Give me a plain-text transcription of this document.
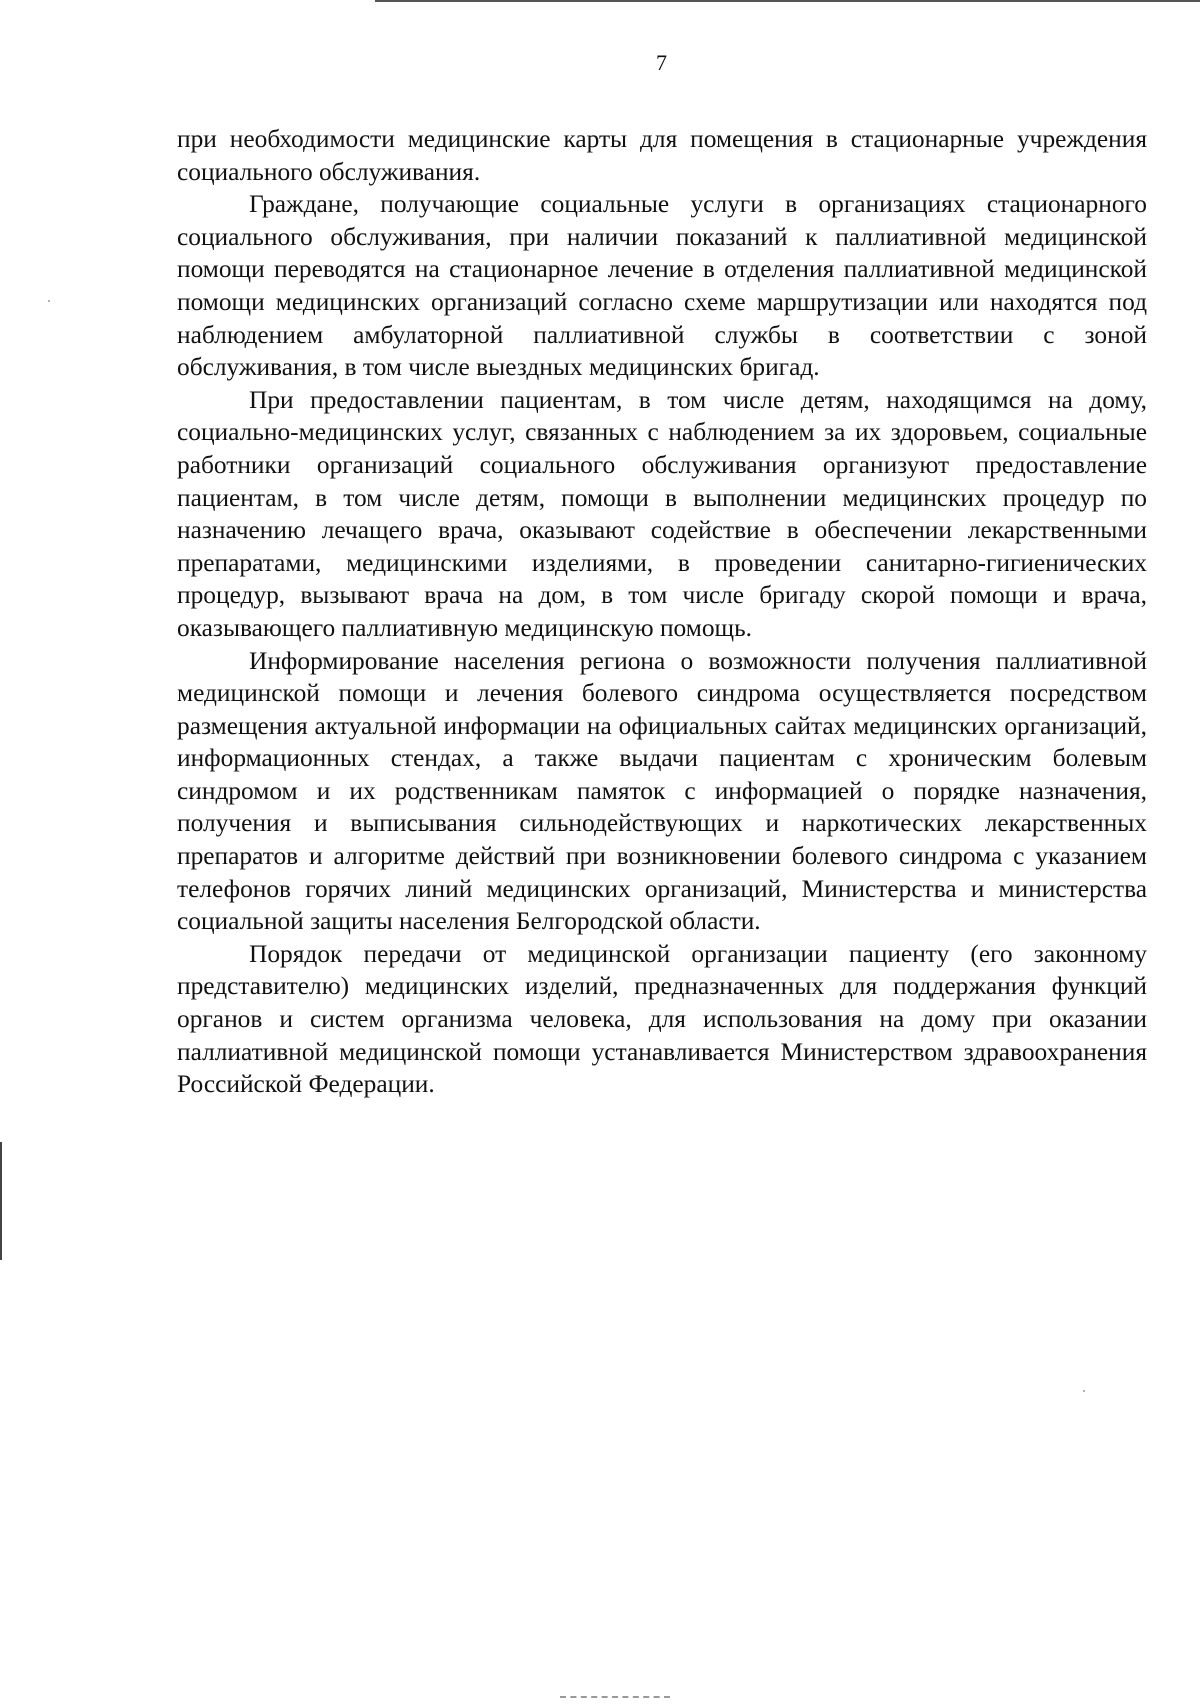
7

при необходимости медицинские карты для помещения в стационарные учреждения социального обслуживания.

Граждане, получающие социальные услуги в организациях стационарного социального обслуживания, при наличии показаний к паллиативной медицинской помощи переводятся на стационарное лечение в отделения паллиативной медицинской помощи медицинских организаций согласно схеме маршрутизации или находятся под наблюдением амбулаторной паллиативной службы в соответствии с зоной обслуживания, в том числе выездных медицинских бригад.

При предоставлении пациентам, в том числе детям, находящимся на дому, социально-медицинских услуг, связанных с наблюдением за их здоровьем, социальные работники организаций социального обслуживания организуют предоставление пациентам, в том числе детям, помощи в выполнении медицинских процедур по назначению лечащего врача, оказывают содействие в обеспечении лекарственными препаратами, медицинскими изделиями, в проведении санитарно-гигиенических процедур, вызывают врача на дом, в том числе бригаду скорой помощи и врача, оказывающего паллиативную медицинскую помощь.

Информирование населения региона о возможности получения паллиативной медицинской помощи и лечения болевого синдрома осуществляется посредством размещения актуальной информации на официальных сайтах медицинских организаций, информационных стендах, а также выдачи пациентам с хроническим болевым синдромом и их родственникам памяток с информацией о порядке назначения, получения и выписывания сильнодействующих и наркотических лекарственных препаратов и алгоритме действий при возникновении болевого синдрома с указанием телефонов горячих линий медицинских организаций, Министерства и министерства социальной защиты населения Белгородской области.

Порядок передачи от медицинской организации пациенту (его законному представителю) медицинских изделий, предназначенных для поддержания функций органов и систем организма человека, для использования на дому при оказании паллиативной медицинской помощи устанавливается Министерством здравоохранения Российской Федерации.
